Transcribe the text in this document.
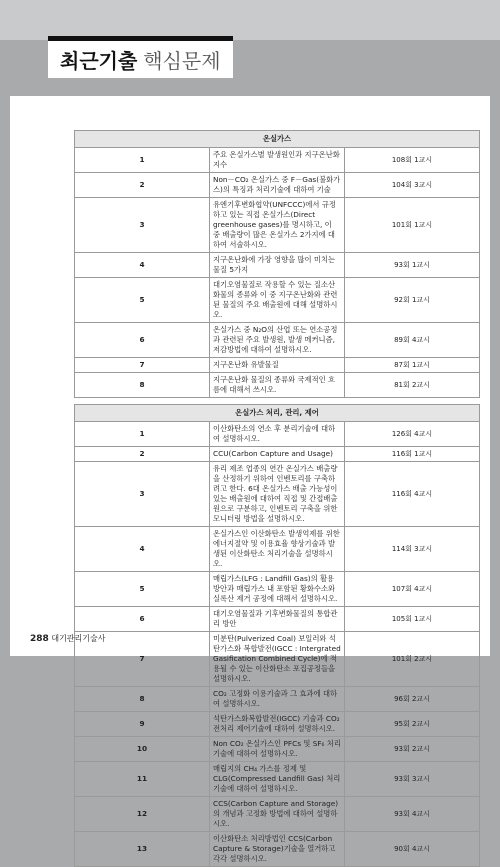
최근기출 핵심문제
온실가스		
1	주요 온실가스별 발생원인과 지구온난화지수	108회 1교시
2	Non－CO₂ 온실가스 중 F－Gas(불화가스)의 특징과 처리기술에 대하여 기술	104회 3교시
3	유엔기후변화협약(UNFCCC)에서 규정하고 있는 직접 온실가스(Direct greenhouse gases)를 명시하고, 이 중 배출량이 많은 온실가스 2가지에 대하여 서술하시오.	101회 1교시
4	지구온난화에 가장 영향을 많이 미치는 물질 5가지	93회 1교시
5	대기오염물질로 작용할 수 있는 질소산화물의 종류와 이 중 지구온난화와 관련된 물질의 주요 배출원에 대해 설명하시오.	92회 1교시
6	온실가스 중 N₂O의 산업 또는 연소공정과 관련된 주요 발생원, 발생 메커니즘, 저감방법에 대하여 설명하시오.	89회 4교시
7	지구온난화 유발물질	87회 1교시
8	지구온난화 물질의 종류와 국제적인 흐름에 대해서 쓰시오.	81회 2교시

온실가스 처리, 관리, 제어		
1	이산화탄소의 연소 후 분리기술에 대하여 설명하시오.	126회 4교시
2	CCU(Carbon Capture and Usage)	116회 1교시
3	유리 제조 업종의 연간 온실가스 배출량을 산정하기 위하여 인벤토리를 구축하려고 한다. 6대 온실가스 배출 가능성이 있는 배출원에 대하여 직접 및 간접배출원으로 구분하고, 인벤토리 구축을 위한 모니터링 방법을 설명하시오.	116회 4교시
4	온실가스인 이산화탄소 발생억제를 위한 에너지절약 및 이용효율 향상기술과 발생된 이산화탄소 처리기술을 설명하시오.	114회 3교시
5	매립가스(LFG : Landfill Gas)의 활용 방안과 매립가스 내 포함된 황화수소와 실록산 제거 공정에 대해서 설명하시오.	107회 4교시
6	대기오염물질과 기후변화물질의 통합관리 방안	105회 1교시
7	미분탄(Pulverized Coal) 보일러와 석탄가스화 복합발전(IGCC : Intergrated Gasification Combined Cycle)에 적용될 수 있는 이산화탄소 포집공정들을 설명하시오.	101회 2교시
8	CO₂ 고정화 이용기술과 그 효과에 대하여 설명하시오.	96회 2교시
9	석탄가스화복합발전(IGCC) 기술과 CO₂ 전처리 제어기술에 대하여 설명하시오.	95회 2교시
10	Non CO₂ 온실가스인 PFCs 및 SF₆ 처리기술에 대하여 설명하시오.	93회 2교시
11	매립지의 CH₄ 가스를 정제 및 CLG(Compressed Landfill Gas) 처리기술에 대하여 설명하시오.	93회 3교시
12	CCS(Carbon Capture and Storage)의 개념과 고정화 방법에 대하여 설명하시오.	93회 4교시
13	이산화탄소 처리방법인 CCS(Carbon Capture & Storage)기술을 열거하고 각각 설명하시오.	90회 4교시
288 대기관리기술사
